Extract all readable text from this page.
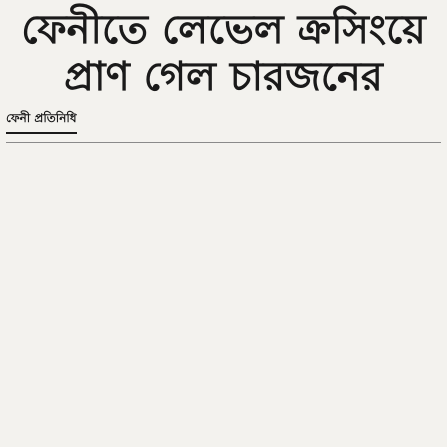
ফেনীতে লেভেল ক্রসিংয়ে
প্রাণ গেল চারজনের
ফেনী প্রতিনিধি
